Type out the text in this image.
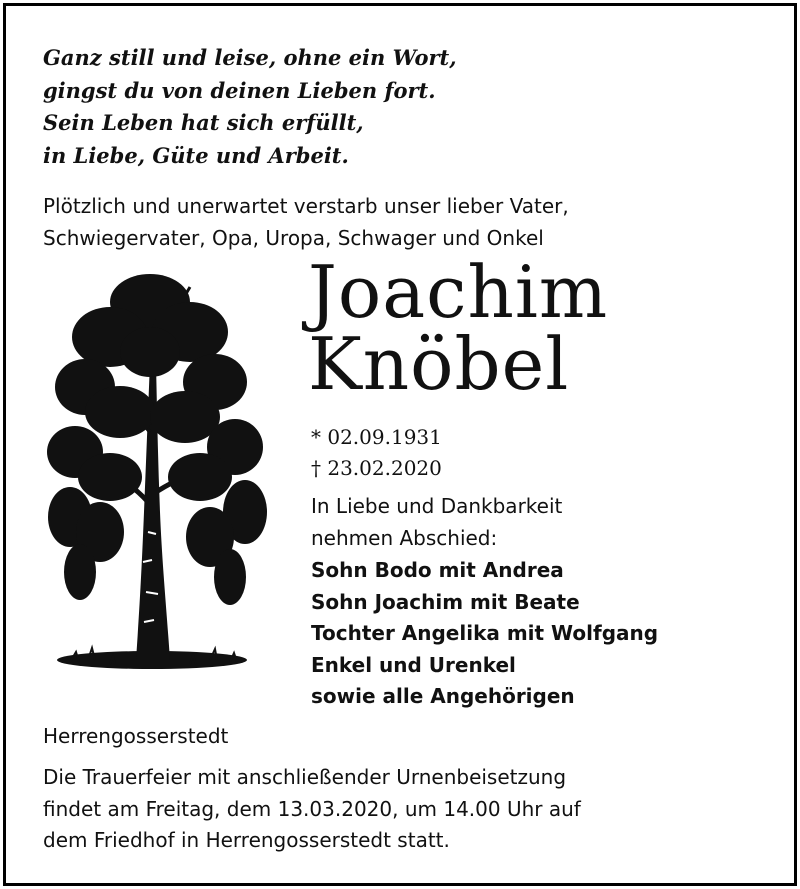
Ganz still und leise, ohne ein Wort,
gingst du von deinen Lieben fort.
Sein Leben hat sich erfüllt,
in Liebe, Güte und Arbeit.
Plötzlich und unerwartet verstarb unser lieber Vater,
Schwiegervater, Opa, Uropa, Schwager und Onkel
Joachim
Knöbel
* 02.09.1931
† 23.02.2020
In Liebe und Dankbarkeit
nehmen Abschied:
Sohn Bodo mit Andrea
Sohn Joachim mit Beate
Tochter Angelika mit Wolfgang
Enkel und Urenkel
sowie alle Angehörigen
Herrengosserstedt
Die Trauerfeier mit anschließender Urnenbeisetzung
findet am Freitag, dem 13.03.2020, um 14.00 Uhr auf
dem Friedhof in Herrengosserstedt statt.
